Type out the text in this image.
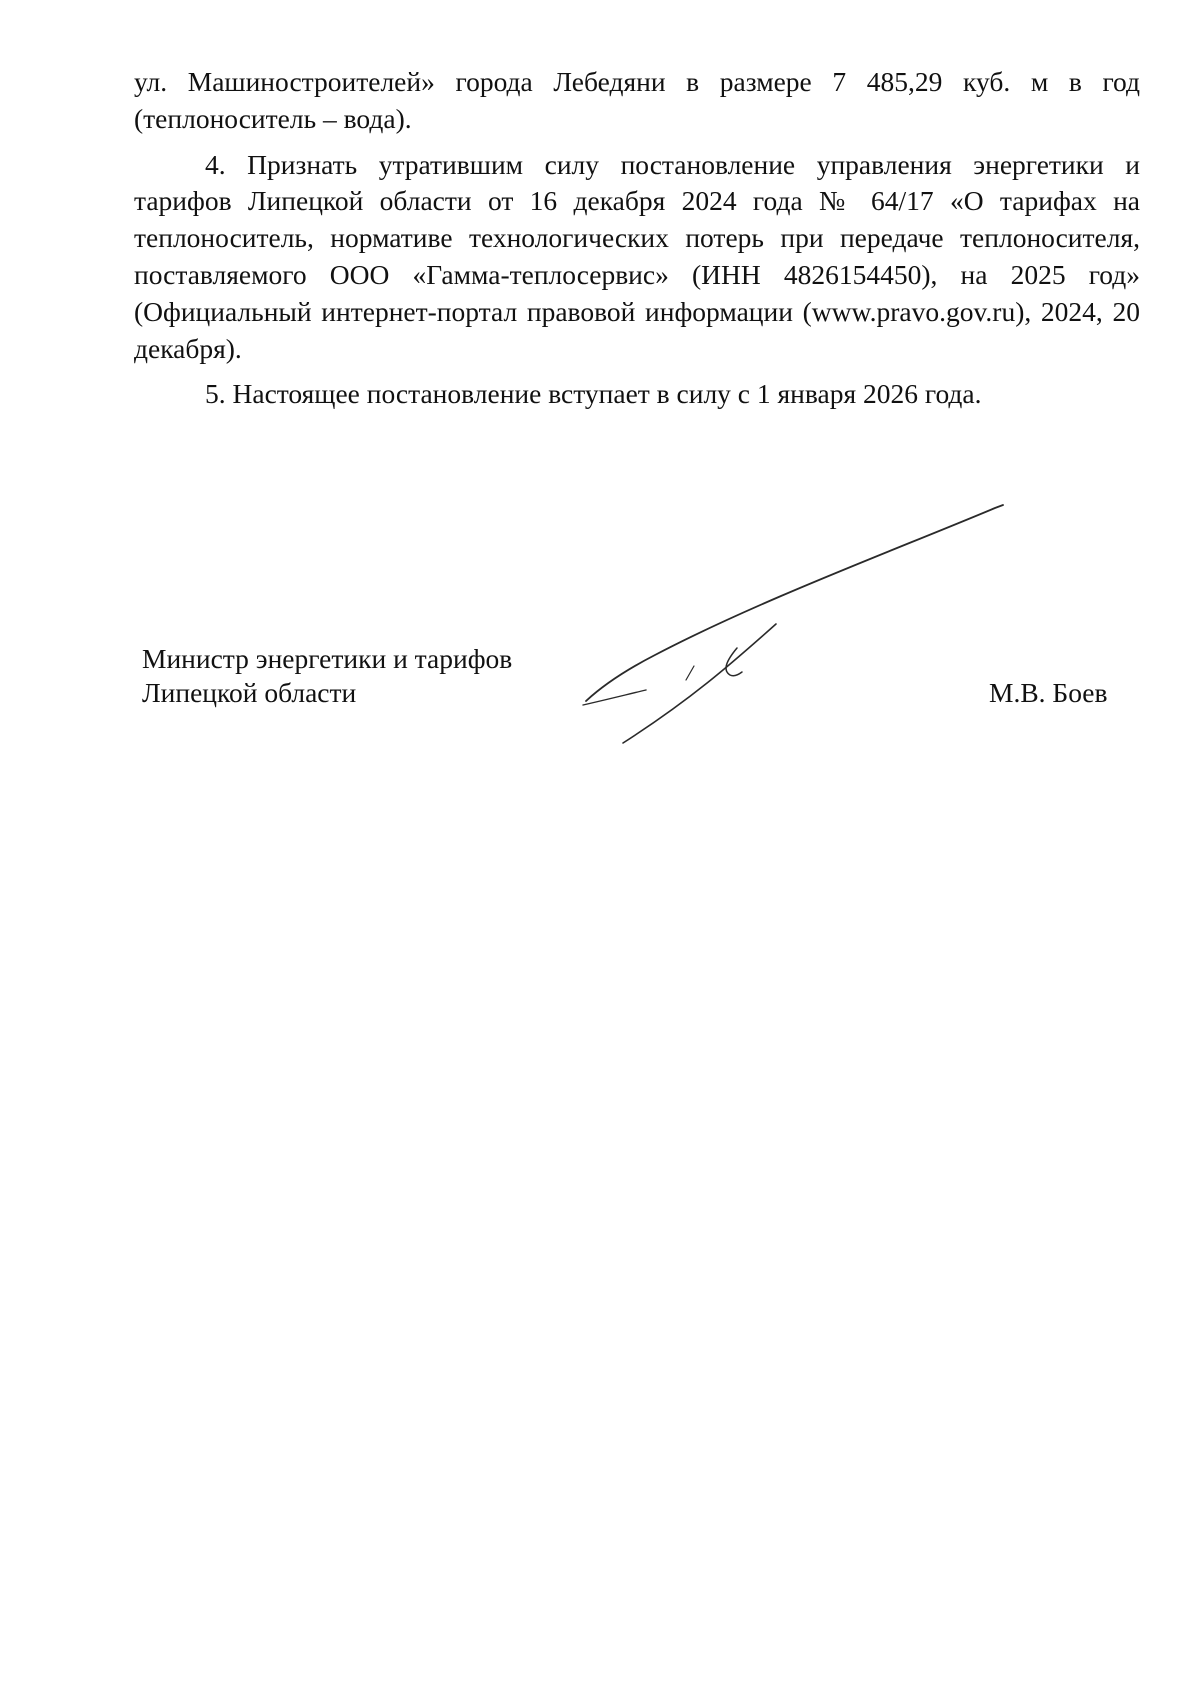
ул. Машиностроителей» города Лебедяни в размере 7 485,29 куб. м в год (теплоноситель – вода).

4. Признать утратившим силу постановление управления энергетики и тарифов Липецкой области от 16 декабря 2024 года № 64/17 «О тарифах на теплоноситель, нормативе технологических потерь при передаче теплоносителя, поставляемого ООО «Гамма-теплосервис» (ИНН 4826154450), на 2025 год» (Официальный интернет-портал правовой информации (www.pravo.gov.ru), 2024, 20 декабря).

5. Настоящее постановление вступает в силу с 1 января 2026 года.

Министр энергетики и тарифов
Липецкой области	М.В. Боев
